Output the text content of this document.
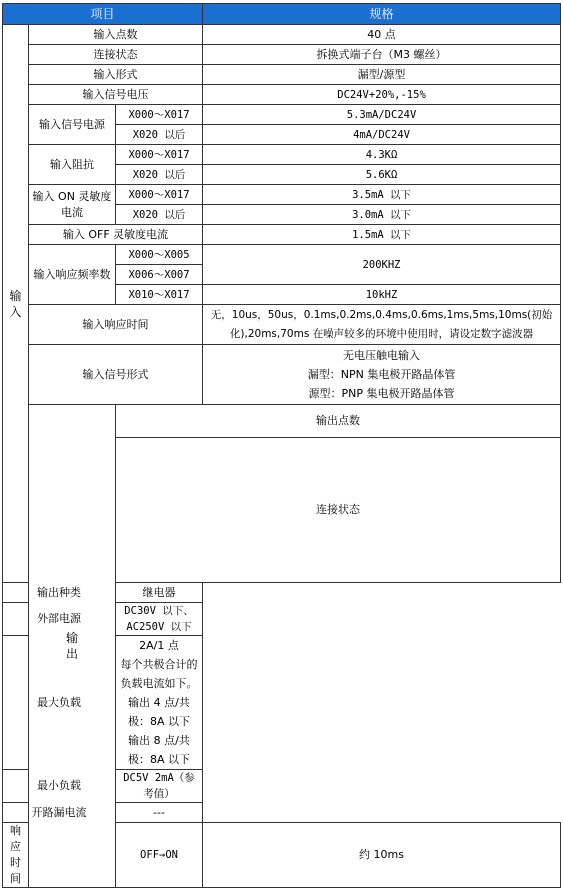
项目			规格	

输
入	输入点数		40 点	
	连接状态		拆换式端子台（M3 螺丝）	
	输入形式		漏型/源型	
	输入信号电压		DC24V+20%,-15%	
	输入信号电源	X000～X017	5.3mA/DC24V	
		X020 以后	4mA/DC24V	
	输入阻抗	X000～X017	4.3KΩ	
		X020 以后	5.6KΩ	
	输入 ON 灵敏度电流	X000～X017	3.5mA 以下	
		X020 以后	3.0mA 以下	
	输入 OFF 灵敏度电流		1.5mA 以下	
	输入响应频率数	X000～X005	200KHZ	
		X006～X007		
		X010～X017	10kHZ	
	输入响应时间		无，10us，50us，0.1ms,0.2ms,0.4ms,0.6ms,1ms,5ms,10ms(初始
化),20ms,70ms 在噪声较多的环境中使用时，请设定数字滤波器	

	输入信号形式		无电压触电输入
漏型：NPN 集电极开路晶体管
源型：PNP 集电极开路晶体管	

	输
出	输出点数	
		连接状态	
输出种类		继电器		
外部电源		DC30V 以下、AC250V 以下		
最大负载		2A/1 点
每个共极合计的负载电流如下。
输出 4 点/共极：8A 以下
输出 8 点/共极：8A 以下		

最小负载		DC5V 2mA（参考值）		
开路漏电流		---		
响应时间		OFF→ON	约 10ms	
